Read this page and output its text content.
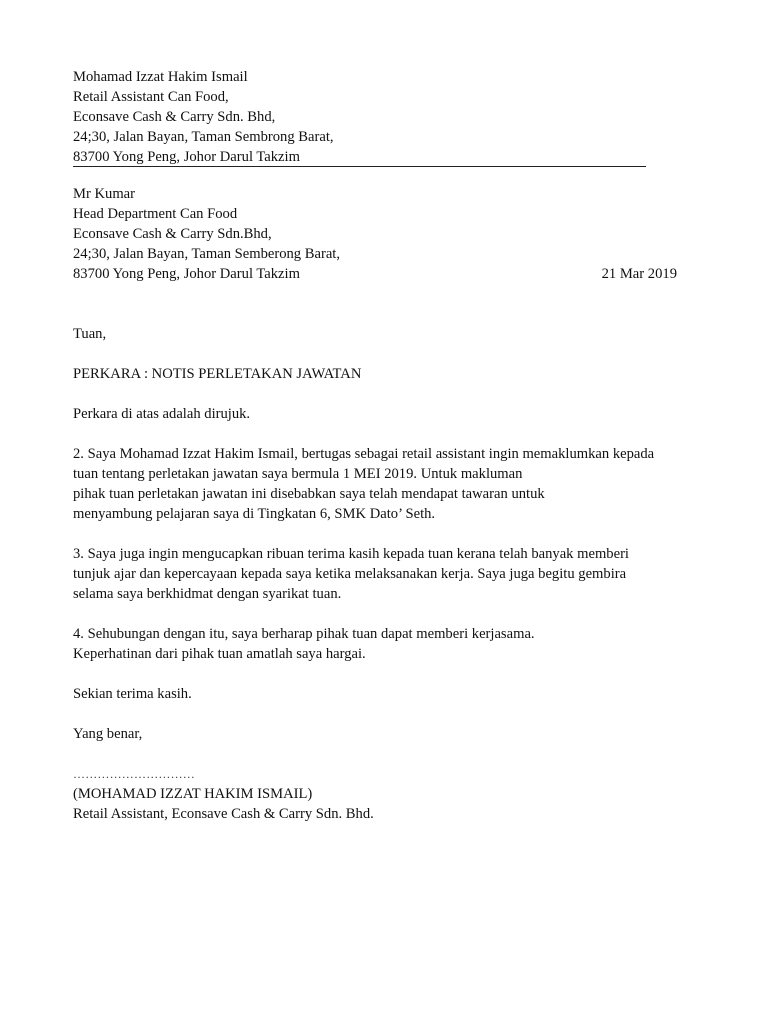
Mohamad Izzat Hakim Ismail
Retail Assistant Can Food,
Econsave Cash & Carry Sdn. Bhd,
24;30, Jalan Bayan, Taman Sembrong Barat,
83700 Yong Peng, Johor Darul Takzim
Mr Kumar
Head Department Can Food
Econsave Cash & Carry Sdn.Bhd,
24;30, Jalan Bayan, Taman Semberong Barat,
83700 Yong Peng, Johor Darul Takzim	21 Mar 2019
Tuan,
PERKARA : NOTIS PERLETAKAN JAWATAN
Perkara di atas adalah dirujuk.
2. Saya Mohamad Izzat Hakim Ismail, bertugas sebagai retail assistant ingin memaklumkan kepada
tuan tentang perletakan jawatan saya bermula 1 MEI 2019. Untuk makluman
pihak tuan perletakan jawatan ini disebabkan saya telah mendapat tawaran untuk
menyambung pelajaran saya di Tingkatan 6, SMK Dato’ Seth.
3. Saya juga ingin mengucapkan ribuan terima kasih kepada tuan kerana telah banyak memberi
tunjuk ajar dan kepercayaan kepada saya ketika melaksanakan kerja. Saya juga begitu gembira
selama saya berkhidmat dengan syarikat tuan.
4. Sehubungan dengan itu, saya berharap pihak tuan dapat memberi kerjasama.
Keperhatinan dari pihak tuan amatlah saya hargai.
Sekian terima kasih.
Yang benar,
…………………………
(MOHAMAD IZZAT HAKIM ISMAIL)
Retail Assistant, Econsave Cash & Carry Sdn. Bhd.
